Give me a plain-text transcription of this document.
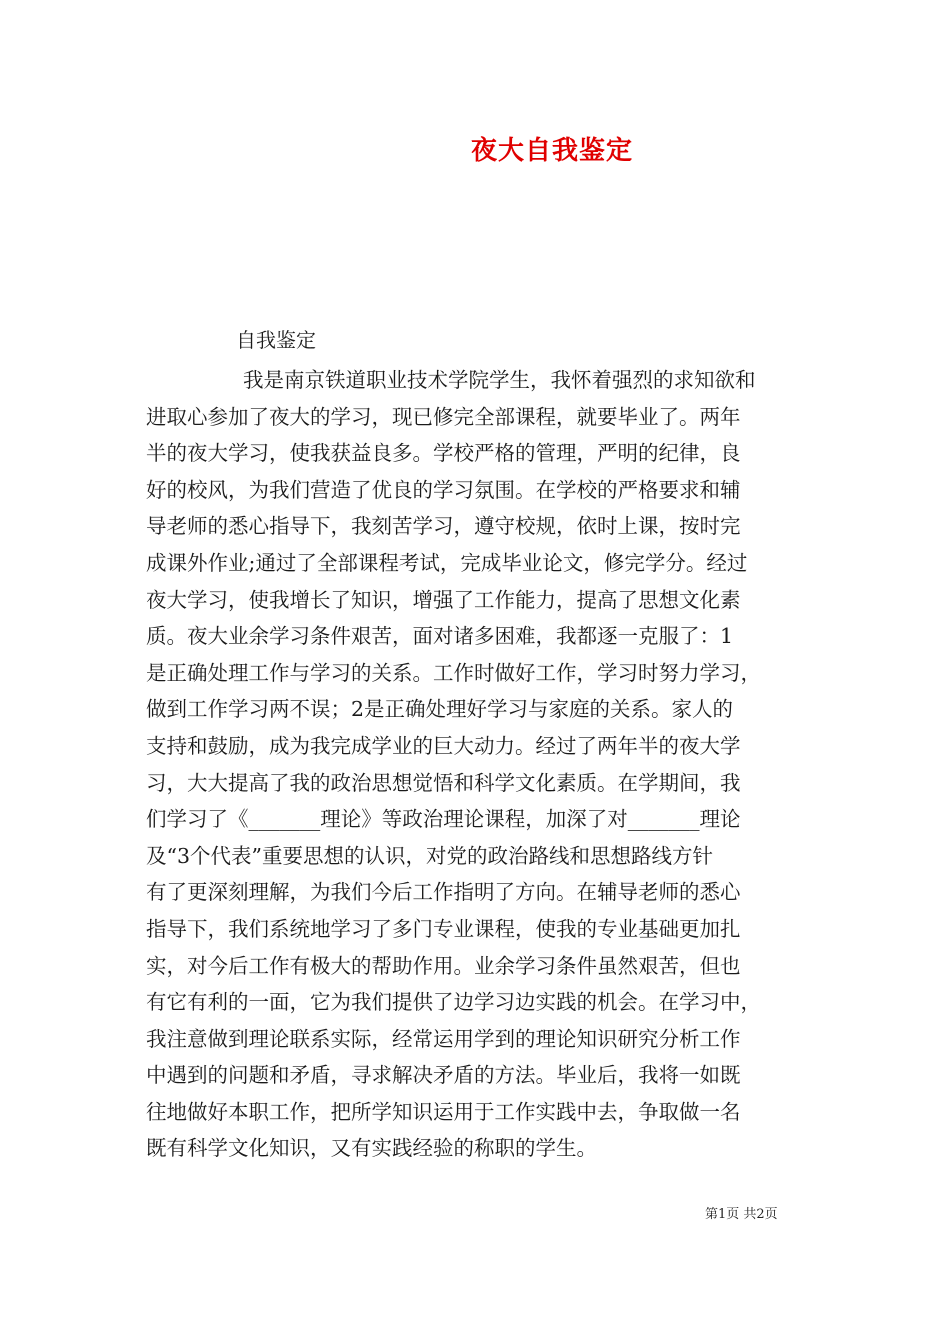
夜大自我鉴定
自我鉴定
我是南京铁道职业技术学院学生，我怀着强烈的求知欲和
进取心参加了夜大的学习，现已修完全部课程，就要毕业了。两年
半的夜大学习，使我获益良多。学校严格的管理，严明的纪律，良
好的校风，为我们营造了优良的学习氛围。在学校的严格要求和辅
导老师的悉心指导下，我刻苦学习，遵守校规，依时上课，按时完
成课外作业;通过了全部课程考试，完成毕业论文，修完学分。经过
夜大学习，使我增长了知识，增强了工作能力，提高了思想文化素
质。夜大业余学习条件艰苦，面对诸多困难，我都逐一克服了：1
是正确处理工作与学习的关系。工作时做好工作，学习时努力学习，
做到工作学习两不误；2是正确处理好学习与家庭的关系。家人的
支持和鼓励，成为我完成学业的巨大动力。经过了两年半的夜大学
习，大大提高了我的政治思想觉悟和科学文化素质。在学期间，我
们学习了《_______理论》等政治理论课程，加深了对_______理论
及“3个代表”重要思想的认识，对党的政治路线和思想路线方针
有了更深刻理解，为我们今后工作指明了方向。在辅导老师的悉心
指导下，我们系统地学习了多门专业课程，使我的专业基础更加扎
实，对今后工作有极大的帮助作用。业余学习条件虽然艰苦，但也
有它有利的一面，它为我们提供了边学习边实践的机会。在学习中，
我注意做到理论联系实际，经常运用学到的理论知识研究分析工作
中遇到的问题和矛盾，寻求解决矛盾的方法。毕业后，我将一如既
往地做好本职工作，把所学知识运用于工作实践中去，争取做一名
既有科学文化知识，又有实践经验的称职的学生。
第1页 共2页
